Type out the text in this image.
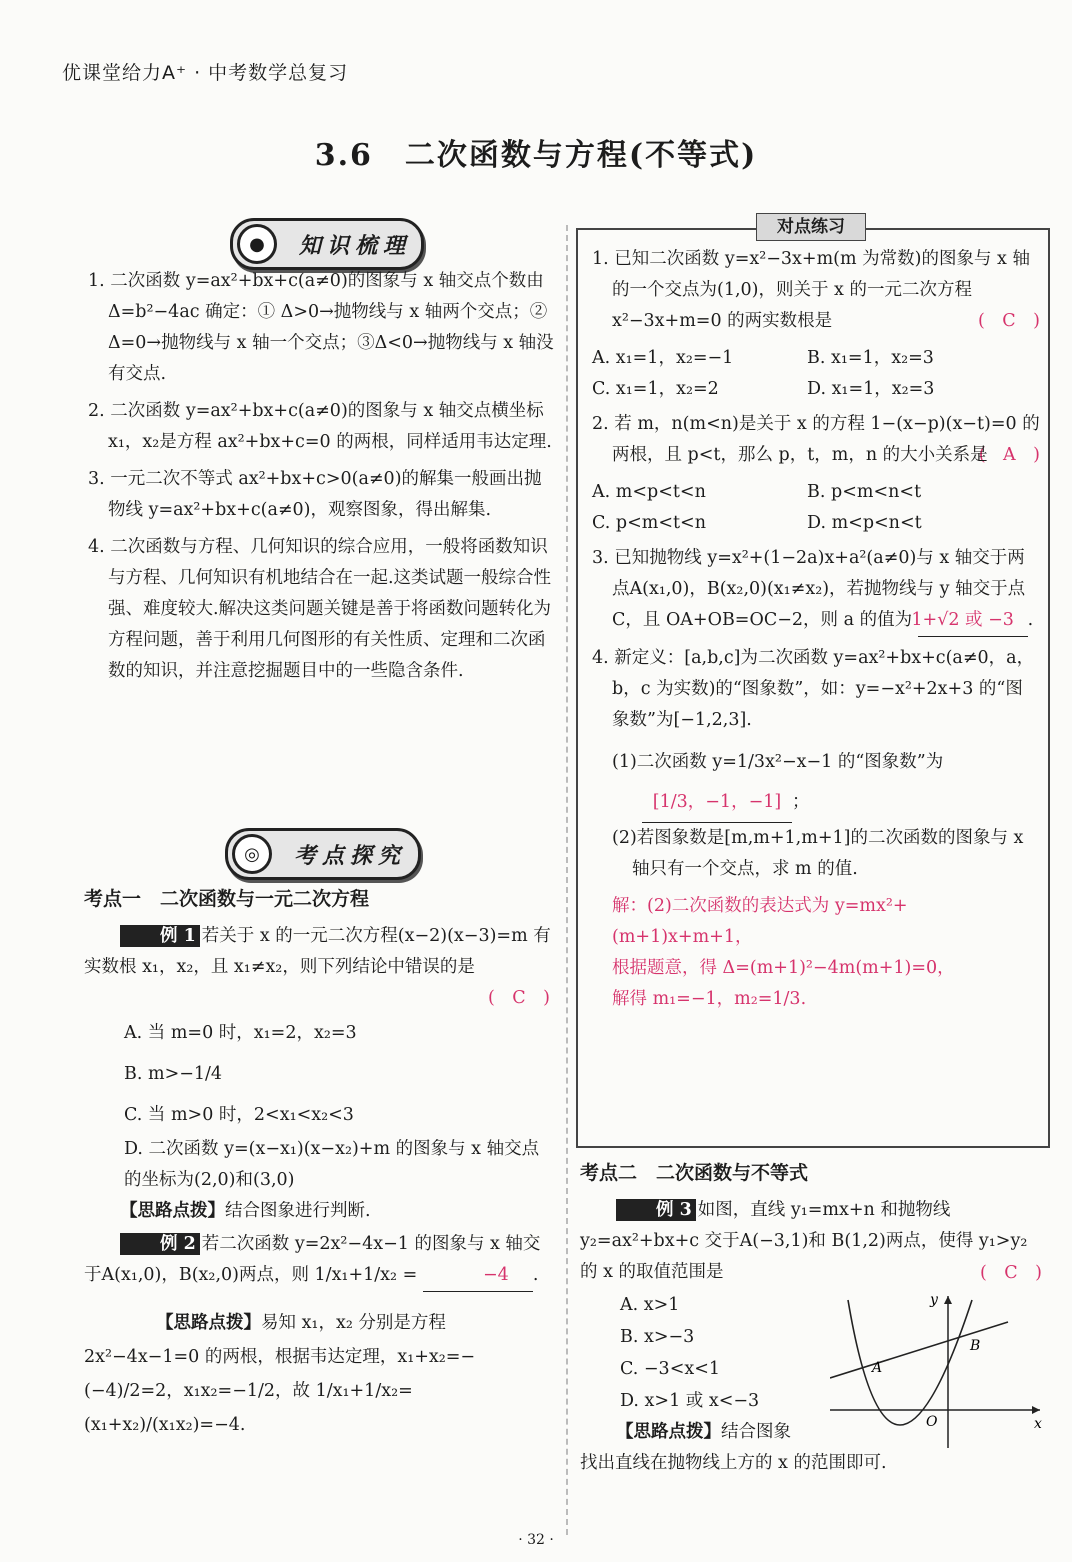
优课堂给力A⁺ · 中考数学总复习
3.6　二次函数与方程(不等式)
●	知识梳理
1. 二次函数 y=ax²+bx+c(a≠0)的图象与 x 轴交点个数由 Δ=b²−4ac 确定：① Δ>0→抛物线与 x 轴两个交点；② Δ=0→抛物线与 x 轴一个交点；③Δ<0→抛物线与 x 轴没有交点.
2. 二次函数 y=ax²+bx+c(a≠0)的图象与 x 轴交点横坐标 x₁，x₂是方程 ax²+bx+c=0 的两根，同样适用韦达定理.
3. 一元二次不等式 ax²+bx+c>0(a≠0)的解集一般画出抛物线 y=ax²+bx+c(a≠0)，观察图象，得出解集.
4. 二次函数与方程、几何知识的综合应用，一般将函数知识与方程、几何知识有机地结合在一起.这类试题一般综合性强、难度较大.解决这类问题关键是善于将函数问题转化为方程问题，善于利用几何图形的有关性质、定理和二次函数的知识，并注意挖掘题目中的一些隐含条件.
◎	考点探究
考点一　二次函数与一元二次方程
例 1 若关于 x 的一元二次方程(x−2)(x−3)=m 有实数根 x₁，x₂，且 x₁≠x₂，则下列结论中错误的是
(　C　)
A. 当 m=0 时，x₁=2，x₂=3
B. m>−1/4
C. 当 m>0 时，2<x₁<x₂<3
D. 二次函数 y=(x−x₁)(x−x₂)+m 的图象与 x 轴交点的坐标为(2,0)和(3,0)
【思路点拨】结合图象进行判断.
例 2 若二次函数 y=2x²−4x−1 的图象与 x 轴交于A(x₁,0)，B(x₂,0)两点，则 1/x₁+1/x₂ =	−4 .
【思路点拨】易知 x₁，x₂ 分别是方程 2x²−4x−1=0 的两根，根据韦达定理，x₁+x₂=−(−4)/2=2，x₁x₂=−1/2，故 1/x₁+1/x₂=(x₁+x₂)/(x₁x₂)=−4.
对点练习
1. 已知二次函数 y=x²−3x+m(m 为常数)的图象与 x 轴的一个交点为(1,0)，则关于 x 的一元二次方程 x²−3x+m=0 的两实数根是	(　C　)
A. x₁=1，x₂=−1	B. x₁=1，x₂=3 C. x₁=1，x₂=2	D. x₁=1，x₂=3
2. 若 m，n(m<n)是关于 x 的方程 1−(x−p)(x−t)=0 的两根，且 p<t，那么 p，t，m，n 的大小关系是
(　A　)
A. m<p<t<n	B. p<m<n<t C. p<m<t<n	D. m<p<n<t
3. 已知抛物线 y=x²+(1−2a)x+a²(a≠0)与 x 轴交于两点A(x₁,0)，B(x₂,0)(x₁≠x₂)，若抛物线与 y 轴交于点C，且 OA+OB=OC−2，则 a 的值为 1+√2 或 −3 .
4. 新定义：[a,b,c]为二次函数 y=ax²+bx+c(a≠0，a，b，c 为实数)的“图象数”，如：y=−x²+2x+3 的“图象数”为[−1,2,3].
(1)二次函数 y=1/3x²−x−1 的“图象数”为
[1/3，−1，−1] ；
(2)若图象数是[m,m+1,m+1]的二次函数的图象与 x 轴只有一个交点，求 m 的值.
解：(2)二次函数的表达式为 y=mx²+(m+1)x+m+1，
根据题意，得 Δ=(m+1)²−4m(m+1)=0，
解得 m₁=−1，m₂=1/3.
考点二　二次函数与不等式
例 3 如图，直线 y₁=mx+n 和抛物线 y₂=ax²+bx+c 交于A(−3,1)和 B(1,2)两点，使得 y₁>y₂ 的 x 的取值范围是	(　C　)
A. x>1
B. x>−3
C. −3<x<1
D. x>1 或 x<−3
【思路点拨】结合图象
找出直线在抛物线上方的 x 的范围即可.
A
B
O	x
y
· 32 ·
